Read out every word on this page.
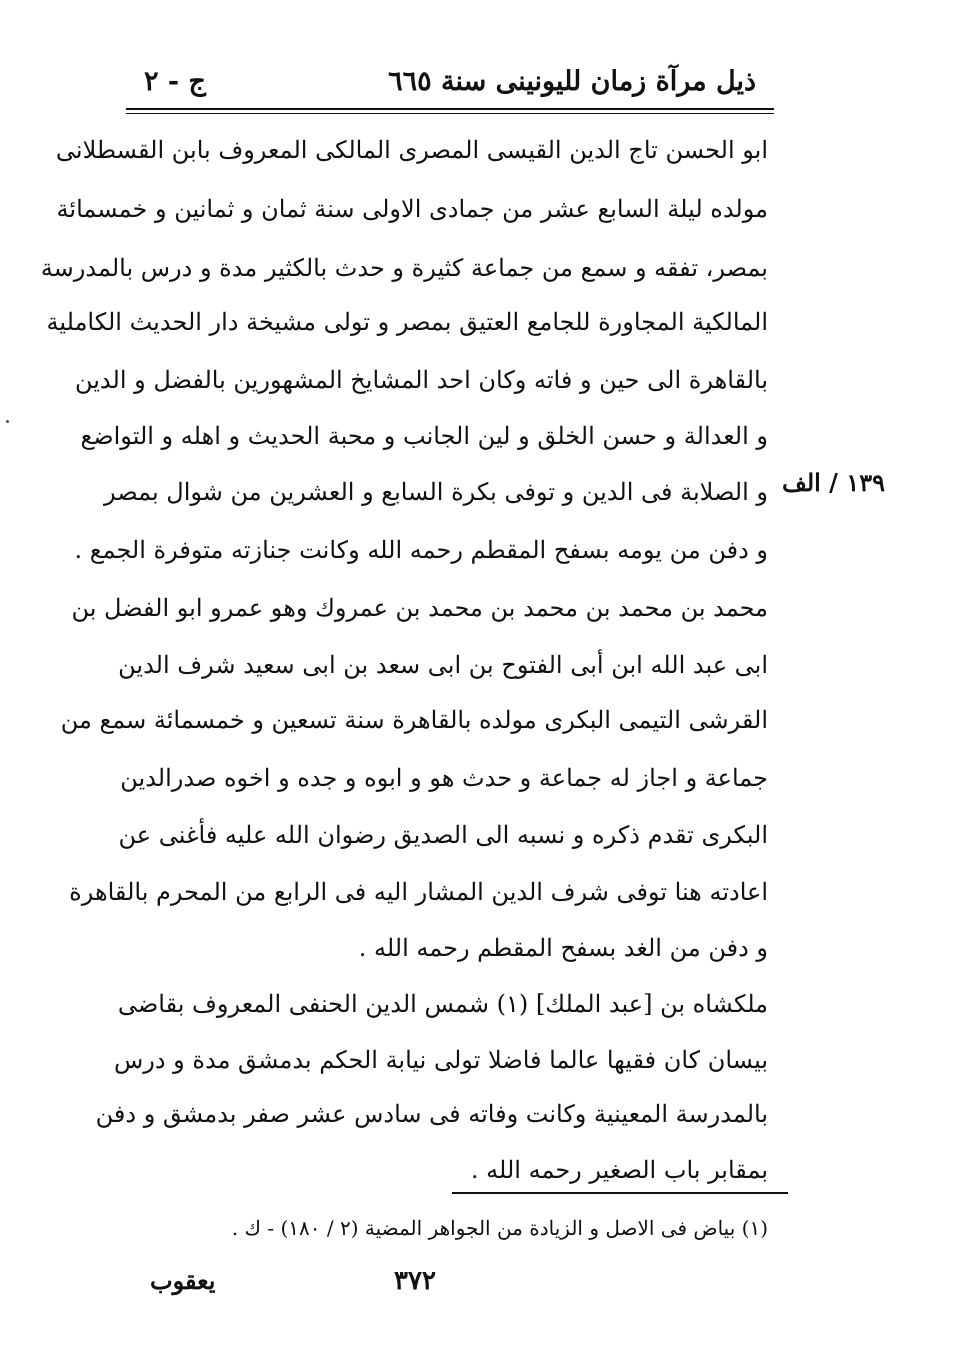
ذيل مرآة زمان لليونينى سنة ٦٦٥
ج - ٢
١٣٩ / الف
ابو الحسن تاج الدين القيسى المصرى المالكى المعروف بابن القسطلانى
مولده ليلة السابع عشر من جمادى الاولى سنة ثمان و ثمانين و خمسمائة
بمصر، تفقه و سمع من جماعة كثيرة و حدث بالكثير مدة و درس بالمدرسة
المالكية المجاورة للجامع العتيق بمصر و تولى مشيخة دار الحديث الكاملية
بالقاهرة الى حين و فاته وكان احد المشايخ المشهورين بالفضل و الدين
و العدالة و حسن الخلق و لين الجانب و محبة الحديث و اهله و التواضع
و الصلابة فى الدين و توفى بكرة السابع و العشرين من شوال بمصر
و دفن من يومه بسفح المقطم رحمه الله وكانت جنازته متوفرة الجمع .
محمد بن محمد بن محمد بن محمد بن عمروك وهو عمرو ابو الفضل بن
ابى عبد الله ابن أبى الفتوح بن ابى سعد بن ابى سعيد شرف الدين
القرشى التيمى البكرى مولده بالقاهرة سنة تسعين و خمسمائة سمع من
جماعة و اجاز له جماعة و حدث هو و ابوه و جده و اخوه صدرالدين
البكرى تقدم ذكره و نسبه الى الصديق رضوان الله عليه فأغنى عن
اعادته هنا توفى شرف الدين المشار اليه فى الرابع من المحرم بالقاهرة
و دفن من الغد بسفح المقطم رحمه الله .
ملكشاه بن [عبد الملك] (١) شمس الدين الحنفى المعروف بقاضى
بيسان كان فقيها عالما فاضلا تولى نيابة الحكم بدمشق مدة و درس
بالمدرسة المعينية وكانت وفاته فى سادس عشر صفر بدمشق و دفن
بمقابر باب الصغير رحمه الله .
(١) بياض فى الاصل و الزيادة من الجواهر المضية (٢ / ١٨٠) - ك .
يعقوب	٣٧٢
